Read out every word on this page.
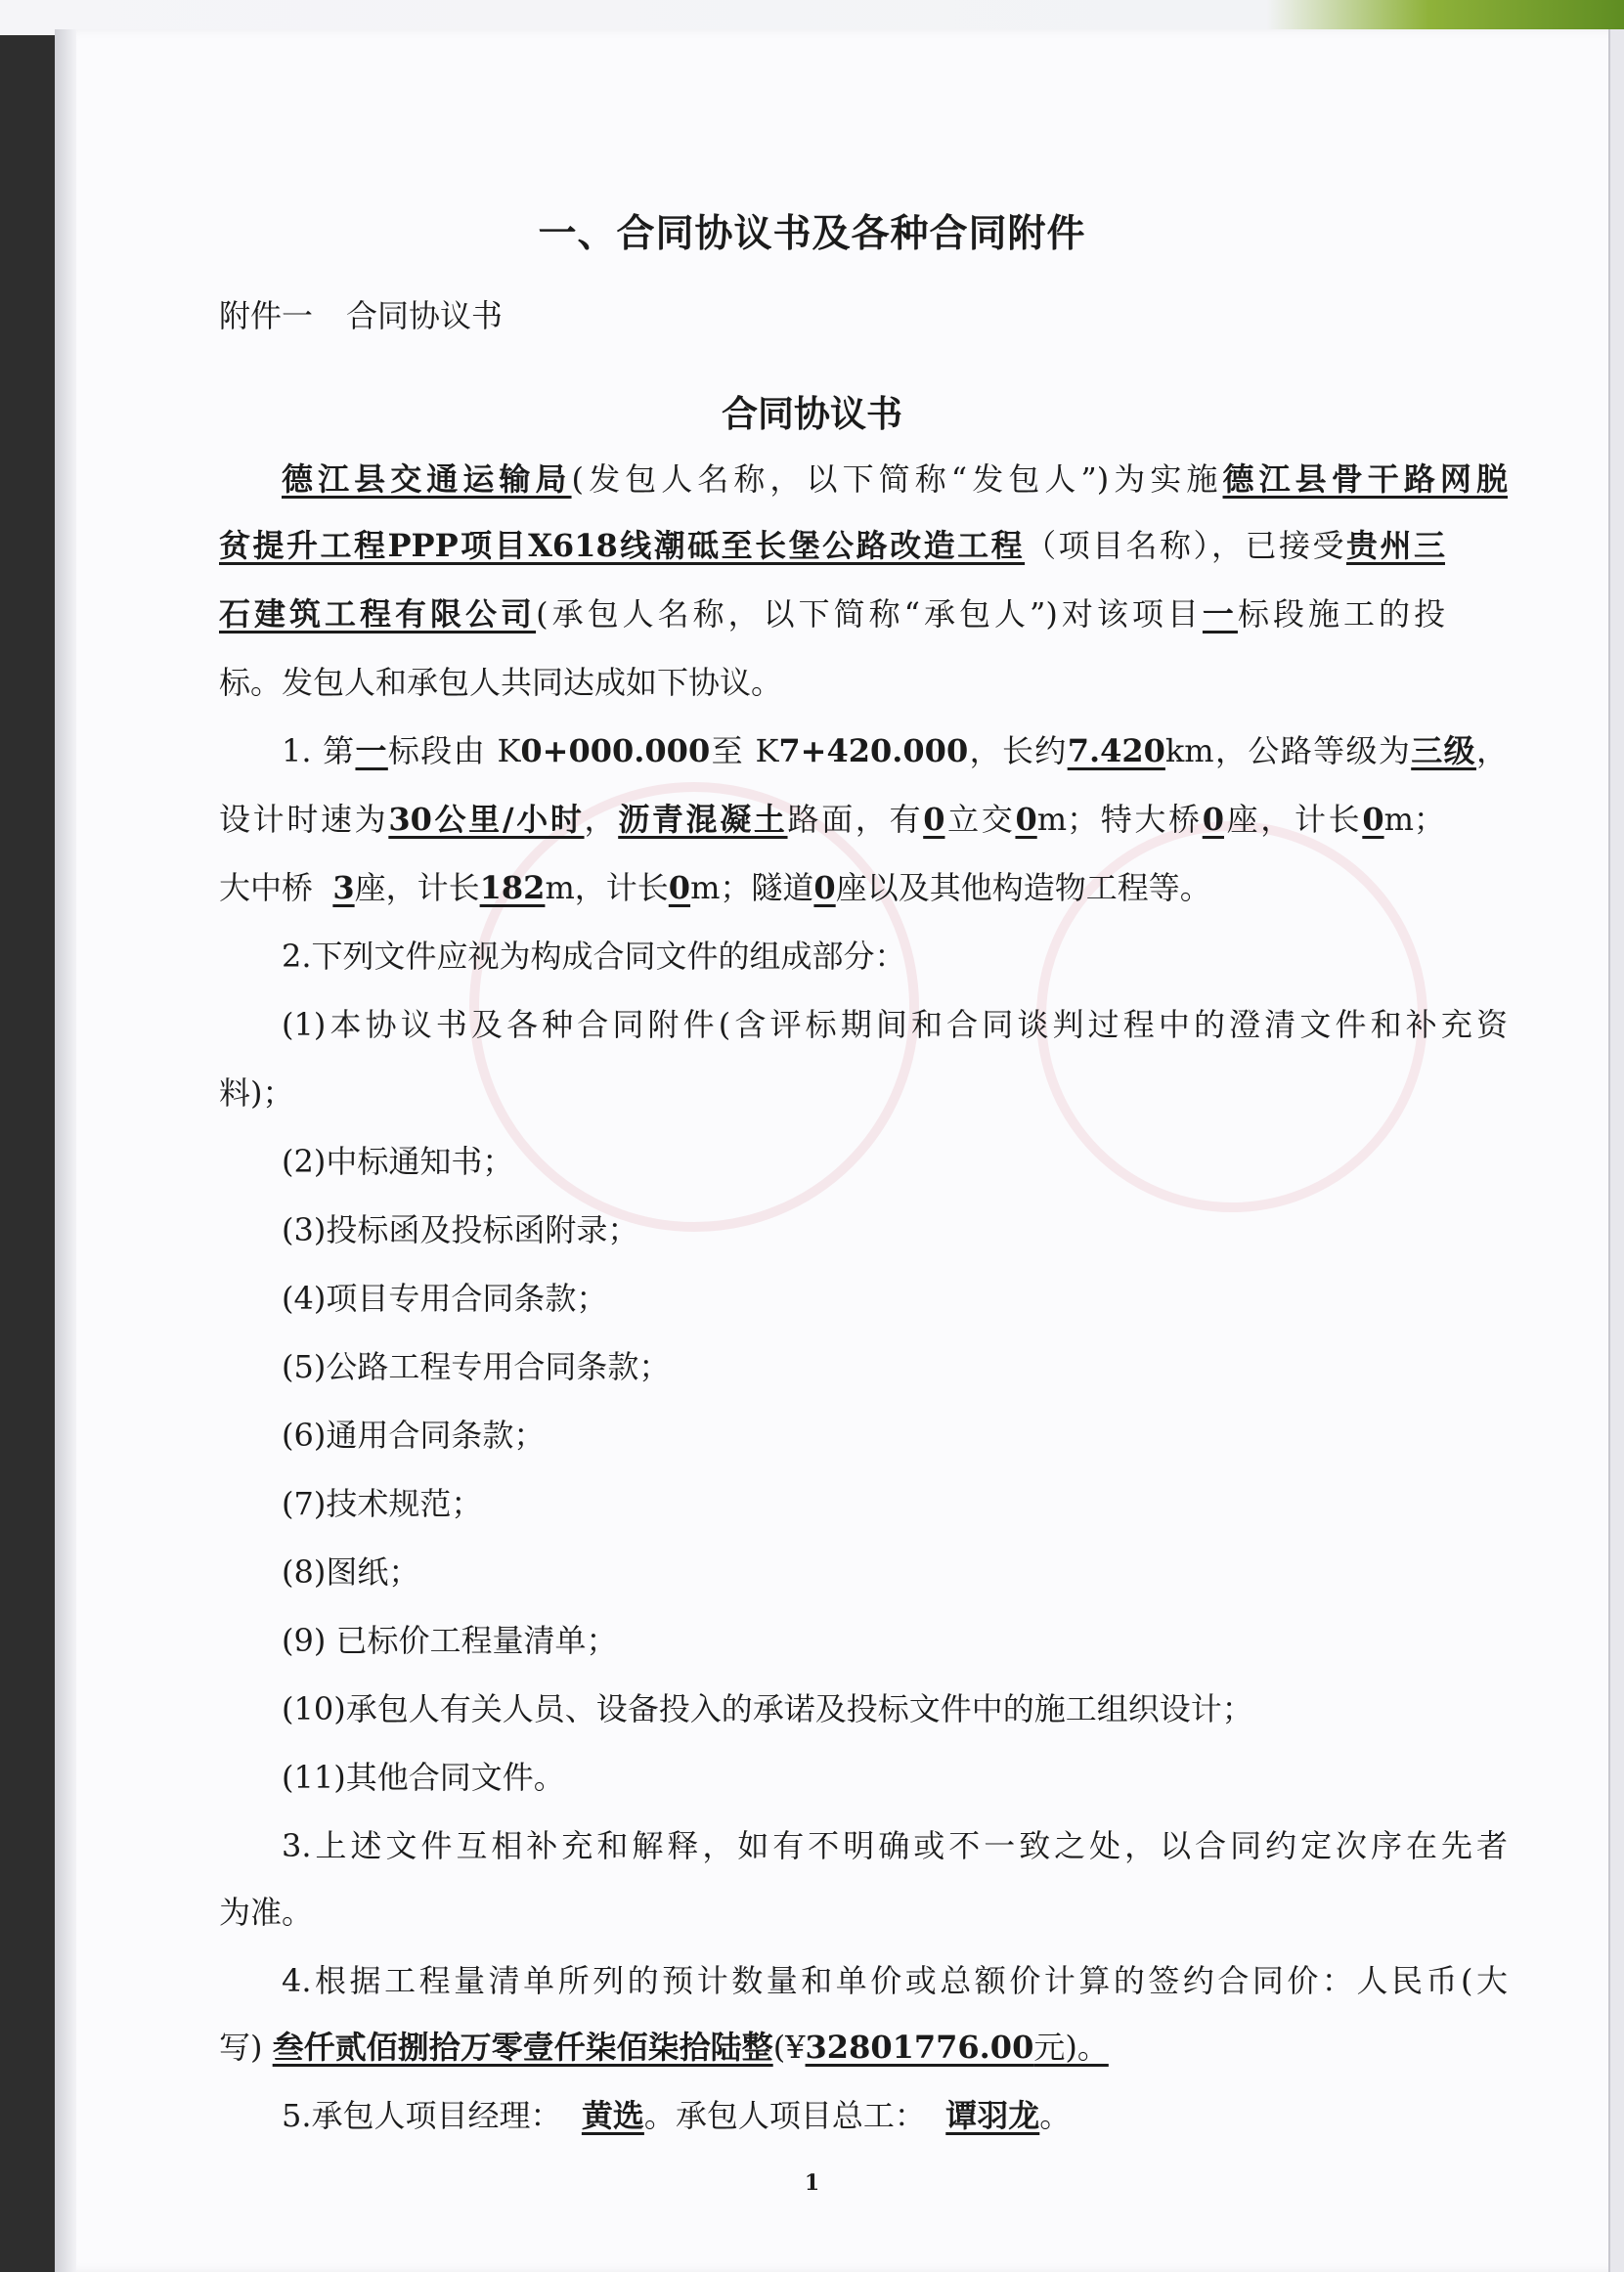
一、合同协议书及各种合同附件
附件一 合同协议书
合同协议书
德江县交通运输局(发包人名称，以下简称“发包人”)为实施德江县骨干路网脱
贫提升工程PPP项目X618线潮砥至长堡公路改造工程（项目名称），已接受贵州三
石建筑工程有限公司(承包人名称，以下简称“承包人”)对该项目一标段施工的投
标。发包人和承包人共同达成如下协议。
1. 第一标段由 K0+000.000至 K7+420.000，长约7.420km，公路等级为三级，
设计时速为30公里/小时，沥青混凝土路面，有0立交0m；特大桥0座，计长0m；
大中桥 3座，计长182m，计长0m；隧道0座以及其他构造物工程等。
2.下列文件应视为构成合同文件的组成部分：
(1)本协议书及各种合同附件(含评标期间和合同谈判过程中的澄清文件和补充资
料)；
(2)中标通知书；
(3)投标函及投标函附录；
(4)项目专用合同条款；
(5)公路工程专用合同条款；
(6)通用合同条款；
(7)技术规范；
(8)图纸；
(9) 已标价工程量清单；
(10)承包人有关人员、设备投入的承诺及投标文件中的施工组织设计；
(11)其他合同文件。
3.上述文件互相补充和解释，如有不明确或不一致之处，以合同约定次序在先者
为准。
4.根据工程量清单所列的预计数量和单价或总额价计算的签约合同价：人民币(大
写) 叁仟贰佰捌拾万零壹仟柒佰柒拾陆整(¥32801776.00元)。
5.承包人项目经理： 黄选。承包人项目总工： 谭羽龙。
1
